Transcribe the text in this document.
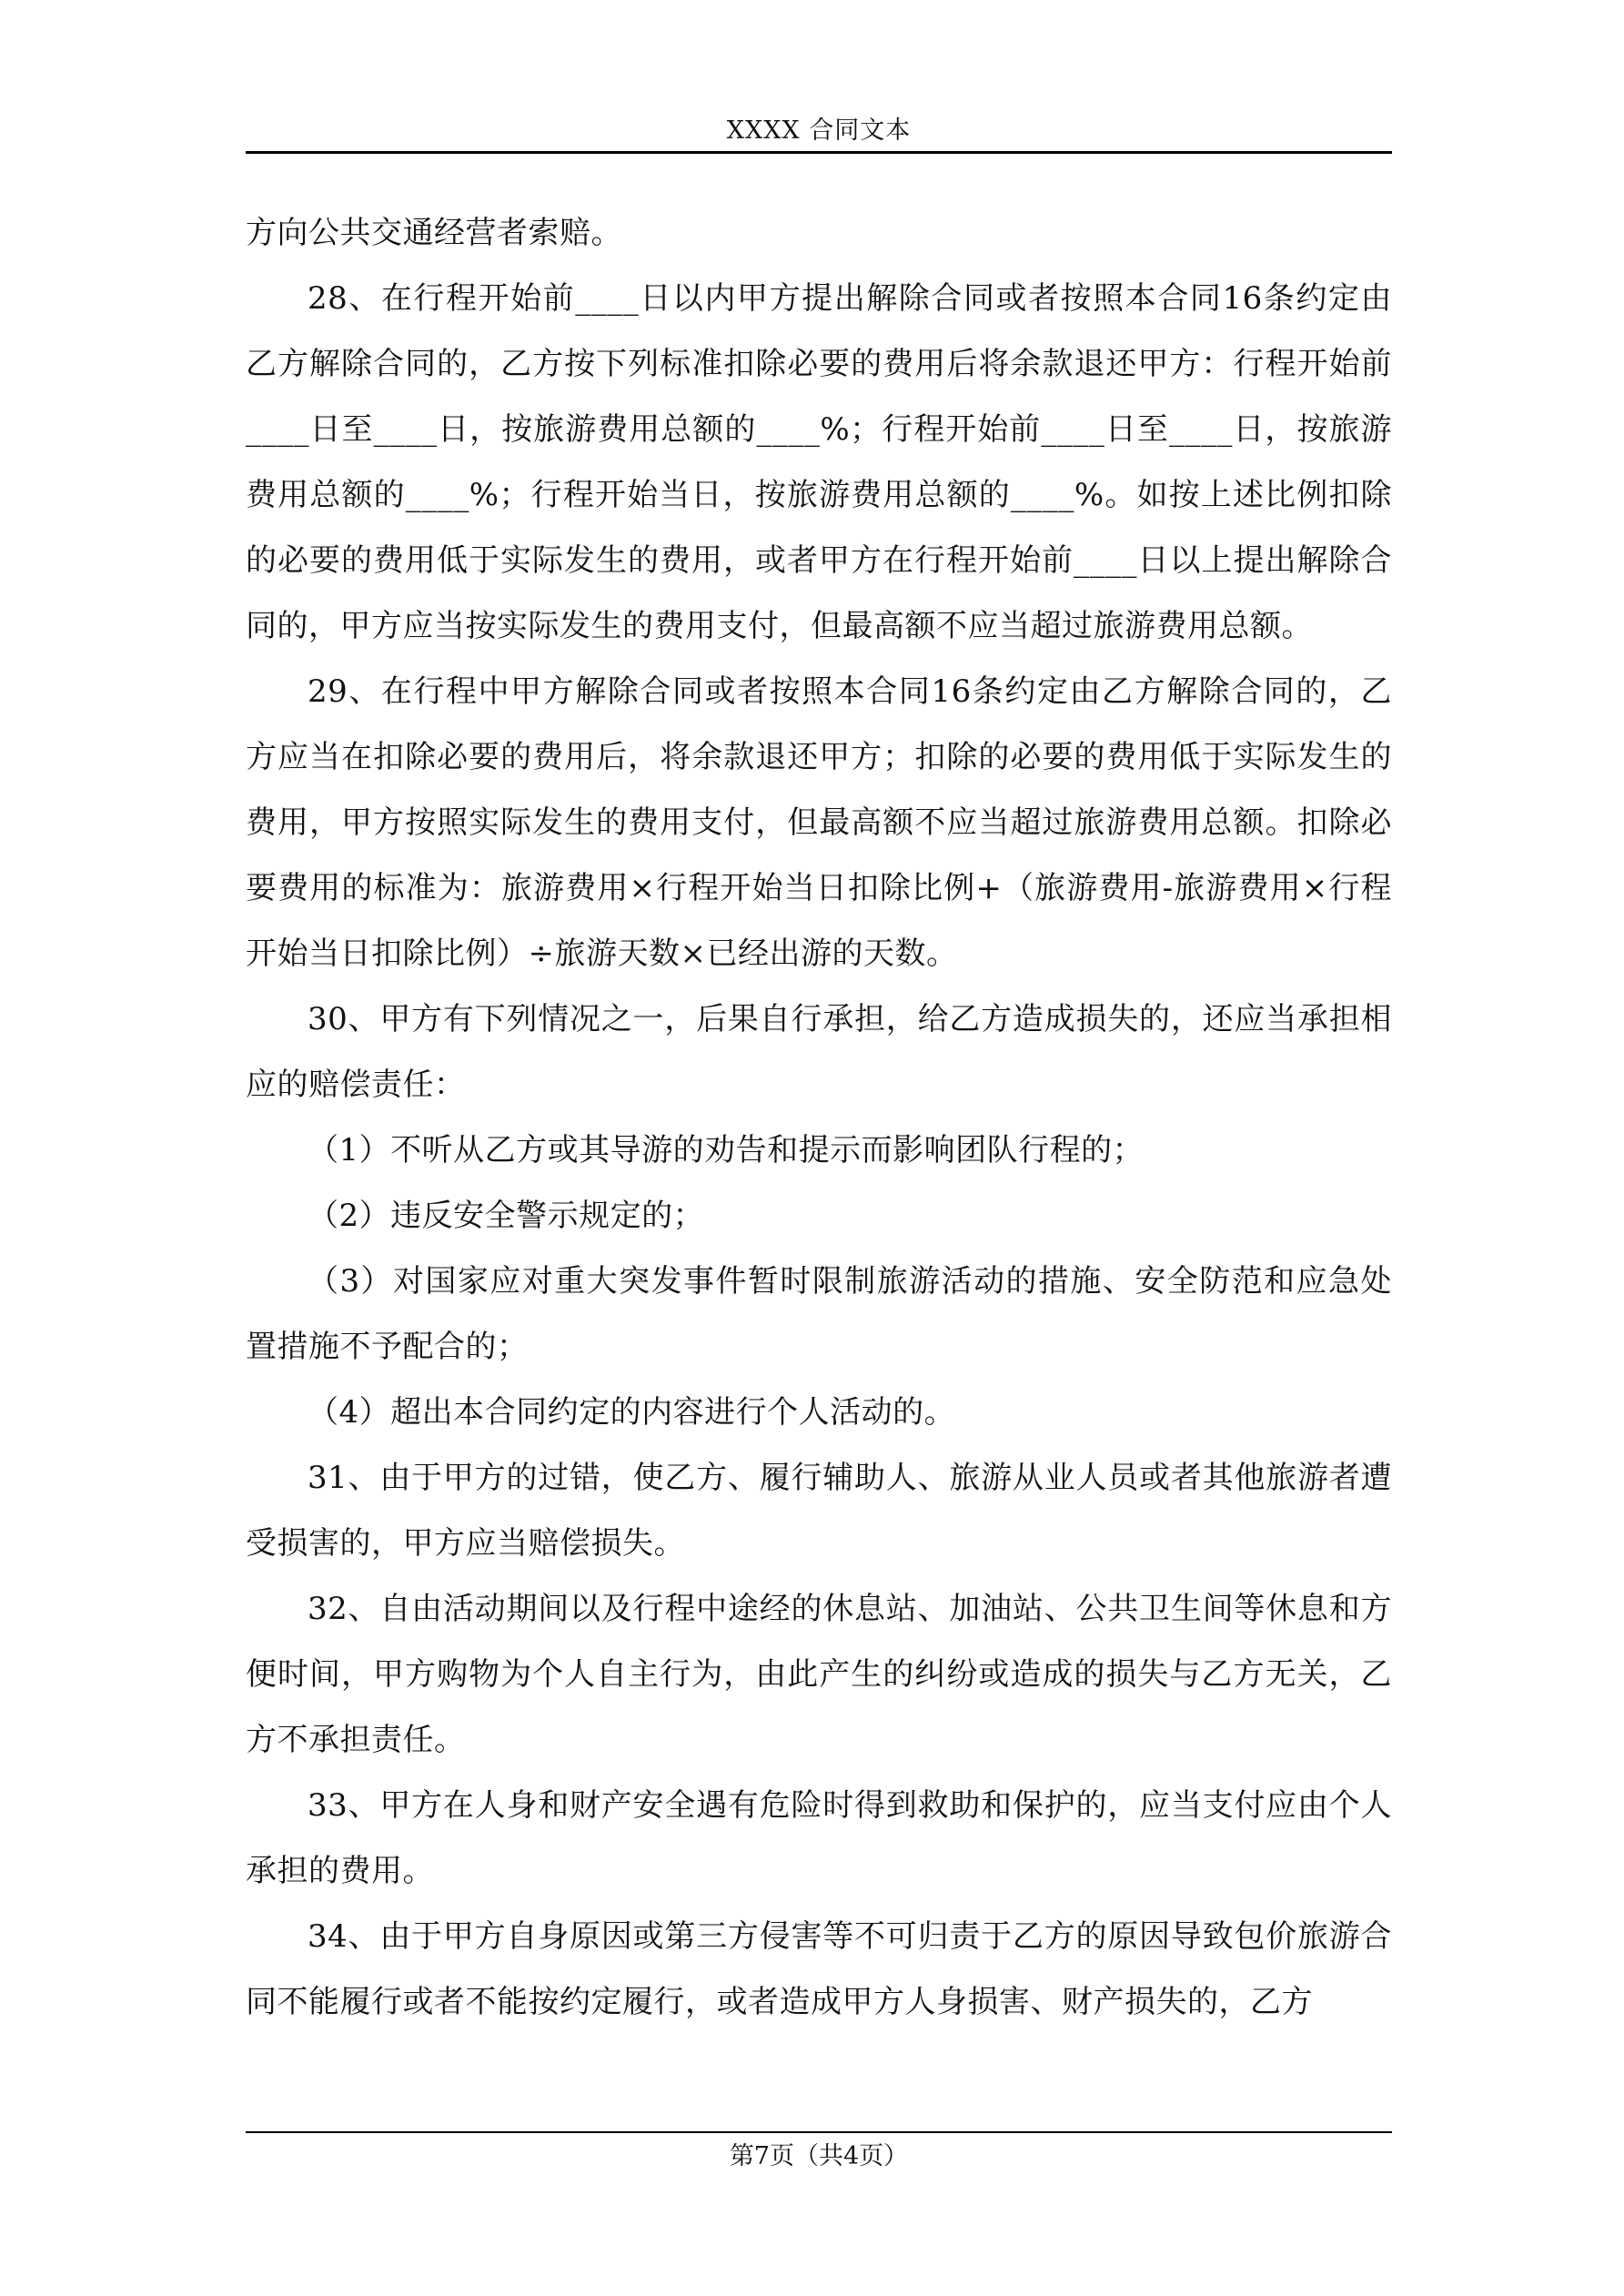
XXXX 合同文本

方向公共交通经营者索赔。

28、在行程开始前____日以内甲方提出解除合同或者按照本合同16条约定由乙方解除合同的，乙方按下列标准扣除必要的费用后将余款退还甲方：行程开始前____日至____日，按旅游费用总额的____%；行程开始前____日至____日，按旅游费用总额的____%；行程开始当日，按旅游费用总额的____%。如按上述比例扣除的必要的费用低于实际发生的费用，或者甲方在行程开始前____日以上提出解除合同的，甲方应当按实际发生的费用支付，但最高额不应当超过旅游费用总额。

29、在行程中甲方解除合同或者按照本合同16条约定由乙方解除合同的，乙方应当在扣除必要的费用后，将余款退还甲方；扣除的必要的费用低于实际发生的费用，甲方按照实际发生的费用支付，但最高额不应当超过旅游费用总额。扣除必要费用的标准为：旅游费用×行程开始当日扣除比例+（旅游费用-旅游费用×行程开始当日扣除比例）÷旅游天数×已经出游的天数。

30、甲方有下列情况之一，后果自行承担，给乙方造成损失的，还应当承担相应的赔偿责任：

（1）不听从乙方或其导游的劝告和提示而影响团队行程的；

（2）违反安全警示规定的；

（3）对国家应对重大突发事件暂时限制旅游活动的措施、安全防范和应急处置措施不予配合的；

（4）超出本合同约定的内容进行个人活动的。

31、由于甲方的过错，使乙方、履行辅助人、旅游从业人员或者其他旅游者遭受损害的，甲方应当赔偿损失。

32、自由活动期间以及行程中途经的休息站、加油站、公共卫生间等休息和方便时间，甲方购物为个人自主行为，由此产生的纠纷或造成的损失与乙方无关，乙方不承担责任。

33、甲方在人身和财产安全遇有危险时得到救助和保护的，应当支付应由个人承担的费用。

34、由于甲方自身原因或第三方侵害等不可归责于乙方的原因导致包价旅游合同不能履行或者不能按约定履行，或者造成甲方人身损害、财产损失的，乙方

第7页（共4页）
